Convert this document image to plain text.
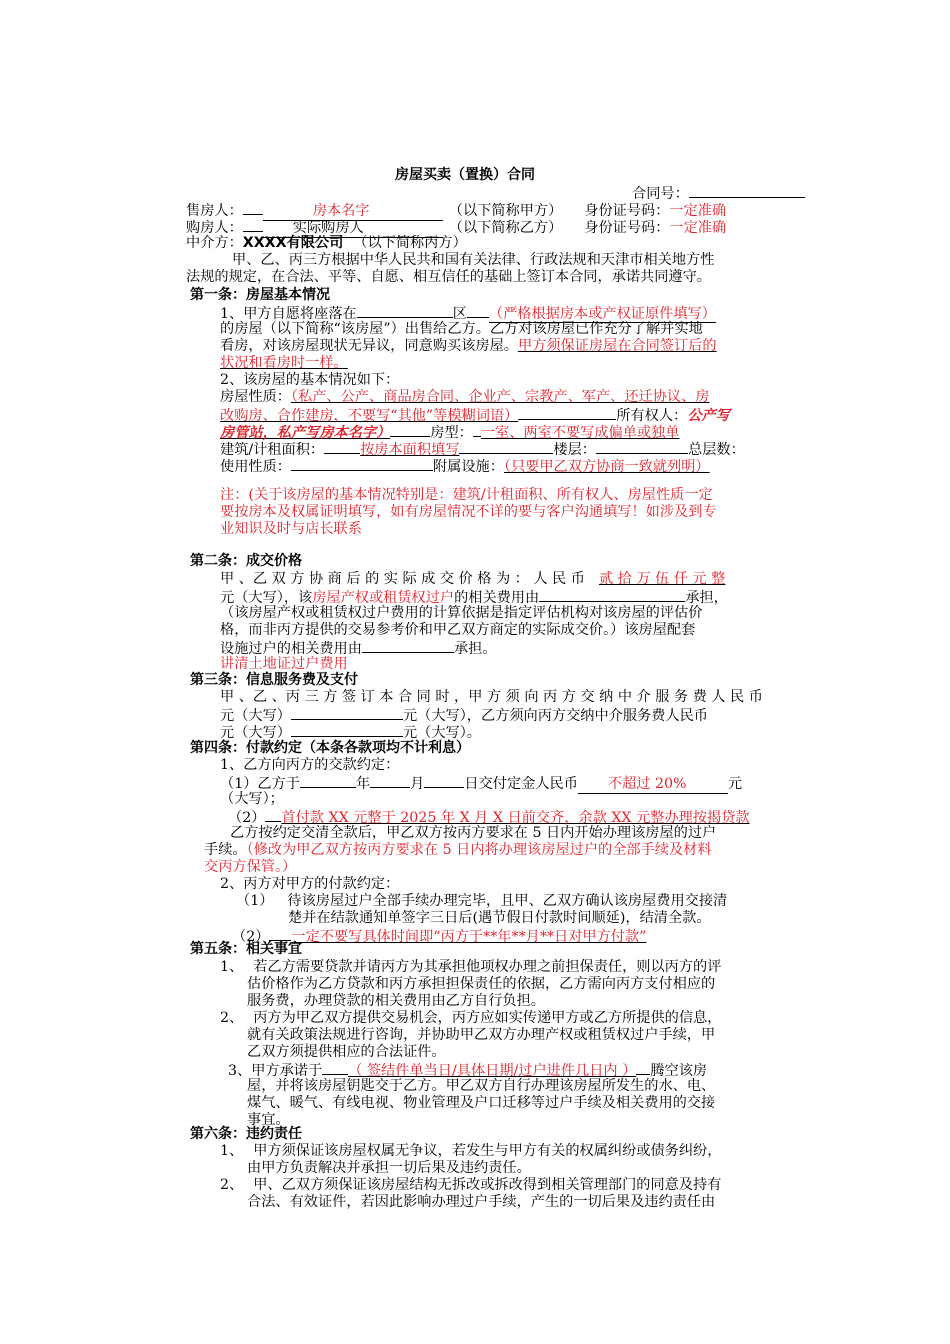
房屋买卖（置换）合同
合同号：
售房人：	房本名字	（以下简称甲方） 身份证号码：一定准确
购房人：	实际购房人	（以下简称乙方） 身份证号码：一定准确
中介方：XXXX有限公司 （以下简称丙方）
甲、乙、丙三方根据中华人民共和国有关法律、行政法规和天津市相关地方性
法规的规定，在合法、平等、自愿、相互信任的基础上签订本合同，承诺共同遵守。
第一条：房屋基本情况
1、甲方自愿将座落在	区 （严格根据房本或产权证原件填写）
的房屋（以下简称“该房屋”）出售给乙方。乙方对该房屋已作充分了解并实地
看房，对该房屋现状无异议，同意购买该房屋。甲方须保证房屋在合同签订后的
状况和看房时一样。
2、该房屋的基本情况如下：
房屋性质：（私产、公产、商品房合同、企业产、宗教产、军产、还迁协议、房
改购房、合作建房，不要写“其他”等模糊词语）	所有权人：公产写
房管站，私产写房本名字）	房型： 一室、两室不要写成偏单或独单
建筑/计租面积：	按房本面积填写	楼层：	总层数：
使用性质：	附属设施：（只要甲乙双方协商一致就列明）
注：(关于该房屋的基本情况特别是：建筑/计租面积、所有权人、房屋性质一定
要按房本及权属证明填写，如有房屋情况不详的要与客户沟通填写！如涉及到专
业知识及时与店长联系
第二条：成交价格
甲 、乙 双 方 协 商 后 的 实 际 成 交 价 格 为 ： 人 民 币 贰 拾 万 伍 仟 元 整
元（大写），该房屋产权或租赁权过户的相关费用由	承担，
（该房屋产权或租赁权过户费用的计算依据是指定评估机构对该房屋的评估价
格，而非丙方提供的交易参考价和甲乙双方商定的实际成交价。）该房屋配套
设施过户的相关费用由	承担。
讲清土地证过户费用
第三条：信息服务费及支付
甲 、乙 、丙 三 方 签 订 本 合 同 时 ，甲 方 须 向 丙 方 交 纳 中 介 服 务 费 人 民 币
元（大写）	元（大写），乙方须向丙方交纳中介服务费人民币
元（大写）	元（大写）。
第四条：付款约定（本条各款项均不计利息）
1、乙方向丙方的交款约定：
（1）乙方于	年	月	日交付定金人民币 不超过 20%	元
（大写）；
（2） 首付款 XX 元整于 2025 年 X 月 X 日前交齐，余款 XX 元整办理按揭贷款
乙方按约定交清全款后，甲乙双方按丙方要求在 5 日内开始办理该房屋的过户
手续。（修改为甲乙双方按丙方要求在 5 日内将办理该房屋过户的全部手续及材料
交丙方保管。）
2、丙方对甲方的付款约定：
（1） 待该房屋过户全部手续办理完毕，且甲、乙双方确认该房屋费用交接清
楚并在结款通知单签字三日后(遇节假日付款时间顺延)，结清全款。
（2） 一定不要写具体时间即“丙方于**年**月**日对甲方付款”
第五条：相关事宜
1、 若乙方需要贷款并请丙方为其承担他项权办理之前担保责任，则以丙方的评
估价格作为乙方贷款和丙方承担担保责任的依据，乙方需向丙方支付相应的
服务费，办理贷款的相关费用由乙方自行负担。
2、 丙方为甲乙双方提供交易机会，丙方应如实传递甲方或乙方所提供的信息，
就有关政策法规进行咨询，并协助甲乙双方办理产权或租赁权过户手续，甲
乙双方须提供相应的合法证件。
3、甲方承诺于 （ 签结件单当日/具体日期/过户进件几日内 ） 腾空该房
屋，并将该房屋钥匙交于乙方。甲乙双方自行办理该房屋所发生的水、电、
煤气、暖气、有线电视、物业管理及户口迁移等过户手续及相关费用的交接
事宜。
第六条：违约责任
1、 甲方须保证该房屋权属无争议，若发生与甲方有关的权属纠纷或债务纠纷，
由甲方负责解决并承担一切后果及违约责任。
2、 甲、乙双方须保证该房屋结构无拆改或拆改得到相关管理部门的同意及持有
合法、有效证件，若因此影响办理过户手续，产生的一切后果及违约责任由
